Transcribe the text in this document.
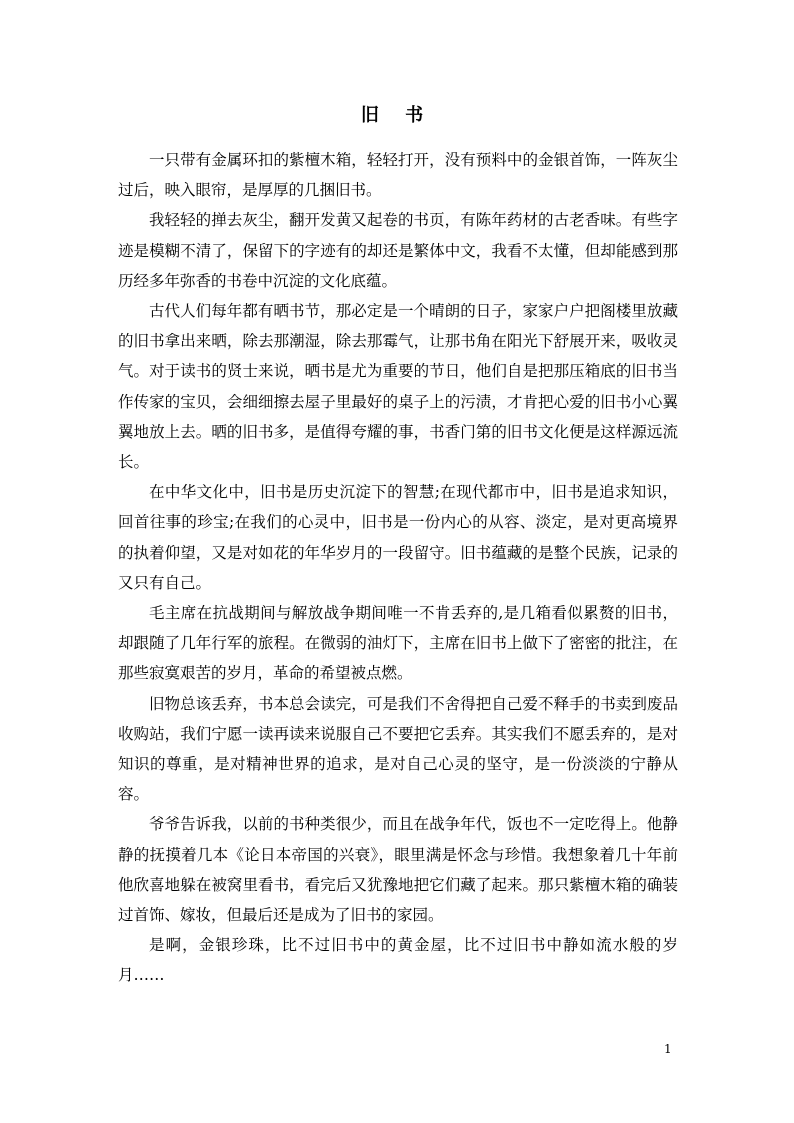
旧 书

一只带有金属环扣的紫檀木箱，轻轻打开，没有预料中的金银首饰，一阵灰尘过后，映入眼帘，是厚厚的几捆旧书。

我轻轻的掸去灰尘，翻开发黄又起卷的书页，有陈年药材的古老香味。有些字迹是模糊不清了，保留下的字迹有的却还是繁体中文，我看不太懂，但却能感到那历经多年弥香的书卷中沉淀的文化底蕴。

古代人们每年都有晒书节，那必定是一个晴朗的日子，家家户户把阁楼里放藏的旧书拿出来晒，除去那潮湿，除去那霉气，让那书角在阳光下舒展开来，吸收灵气。对于读书的贤士来说，晒书是尤为重要的节日，他们自是把那压箱底的旧书当作传家的宝贝，会细细擦去屋子里最好的桌子上的污渍，才肯把心爱的旧书小心翼翼地放上去。晒的旧书多，是值得夸耀的事，书香门第的旧书文化便是这样源远流长。

在中华文化中，旧书是历史沉淀下的智慧;在现代都市中，旧书是追求知识，回首往事的珍宝;在我们的心灵中，旧书是一份内心的从容、淡定，是对更高境界的执着仰望，又是对如花的年华岁月的一段留守。旧书蕴藏的是整个民族，记录的又只有自己。

毛主席在抗战期间与解放战争期间唯一不肯丢弃的,是几箱看似累赘的旧书，却跟随了几年行军的旅程。在微弱的油灯下，主席在旧书上做下了密密的批注，在那些寂寞艰苦的岁月，革命的希望被点燃。

旧物总该丢弃，书本总会读完，可是我们不舍得把自己爱不释手的书卖到废品收购站，我们宁愿一读再读来说服自己不要把它丢弃。其实我们不愿丢弃的，是对知识的尊重，是对精神世界的追求，是对自己心灵的坚守，是一份淡淡的宁静从容。

爷爷告诉我，以前的书种类很少，而且在战争年代，饭也不一定吃得上。他静静的抚摸着几本《论日本帝国的兴衰》，眼里满是怀念与珍惜。我想象着几十年前他欣喜地躲在被窝里看书，看完后又犹豫地把它们藏了起来。那只紫檀木箱的确装过首饰、嫁妆，但最后还是成为了旧书的家园。

是啊，金银珍珠，比不过旧书中的黄金屋，比不过旧书中静如流水般的岁月……

1
